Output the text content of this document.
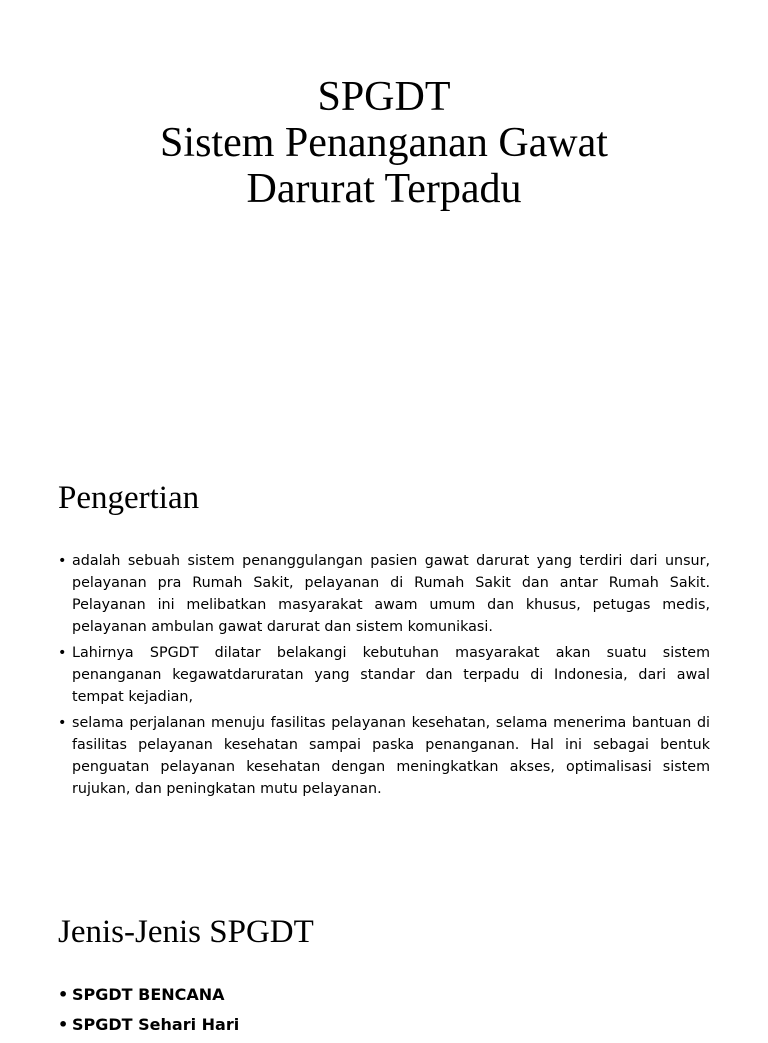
SPGDT
Sistem Penanganan Gawat
Darurat Terpadu
Pengertian
• adalah sebuah sistem penanggulangan pasien gawat darurat yang terdiri dari unsur, pelayanan pra Rumah Sakit, pelayanan di Rumah Sakit dan antar Rumah Sakit. Pelayanan ini melibatkan masyarakat awam umum dan khusus, petugas medis, pelayanan ambulan gawat darurat dan sistem komunikasi.
• Lahirnya SPGDT dilatar belakangi kebutuhan masyarakat akan suatu sistem penanganan kegawatdaruratan yang standar dan terpadu di Indonesia, dari awal tempat kejadian,
• selama perjalanan menuju fasilitas pelayanan kesehatan, selama menerima bantuan di fasilitas pelayanan kesehatan sampai paska penanganan. Hal ini sebagai bentuk penguatan pelayanan kesehatan dengan meningkatkan akses, optimalisasi sistem rujukan, dan peningkatan mutu pelayanan.
Jenis-Jenis SPGDT
• SPGDT BENCANA
• SPGDT Sehari Hari
